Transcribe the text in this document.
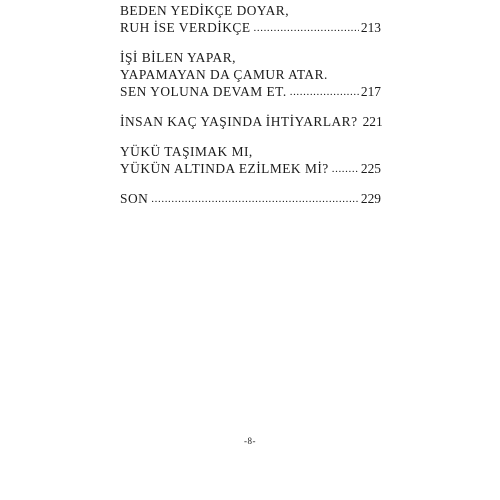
BEDEN YEDİKÇE DOYAR,
RUH İSE VERDİKÇE .....	213
İŞİ BİLEN YAPAR,
YAPAMAYAN DA ÇAMUR ATAR.
SEN YOLUNA DEVAM ET. .....	217
İNSAN KAÇ YAŞINDA İHTİYARLAR? 221
YÜKÜ TAŞIMAK MI,
YÜKÜN ALTINDA EZİLMEK Mİ? ..... 225
SON .....	229
-8-
